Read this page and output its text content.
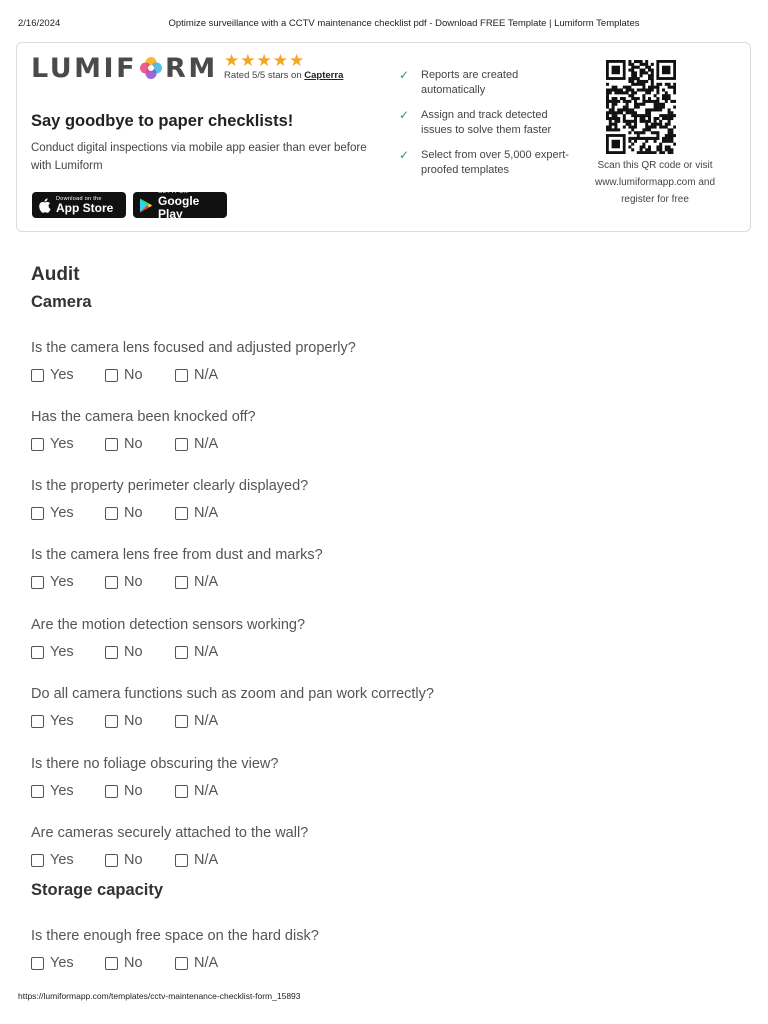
2/16/2024	Optimize surveillance with a CCTV maintenance checklist pdf - Download FREE Template | Lumiform Templates
LUMIF RM ★ ★ ★ ★ ★
Rated 5/5 stars on Capterra
Say goodbye to paper checklists!
Conduct digital inspections via mobile app easier than ever before with Lumiform
Download on the
App Store
GET IT ON
Google Play
✓	Reports are created automatically
✓	Assign and track detected issues to solve them faster
✓	Select from over 5,000 expert-proofed templates	Scan this QR code or visit www.lumiformapp.com and register for free
Audit
Camera
Is the camera lens focused and adjusted properly?
Yes	No	N/A
Has the camera been knocked off?
Yes	No	N/A
Is the property perimeter clearly displayed?
Yes	No	N/A
Is the camera lens free from dust and marks?
Yes	No	N/A
Are the motion detection sensors working?
Yes	No	N/A
Do all camera functions such as zoom and pan work correctly?
Yes	No	N/A
Is there no foliage obscuring the view?
Yes	No	N/A
Are cameras securely attached to the wall?
Yes	No	N/A
Storage capacity
Is there enough free space on the hard disk?
Yes	No	N/A
https://lumiformapp.com/templates/cctv-maintenance-checklist-form_15893
